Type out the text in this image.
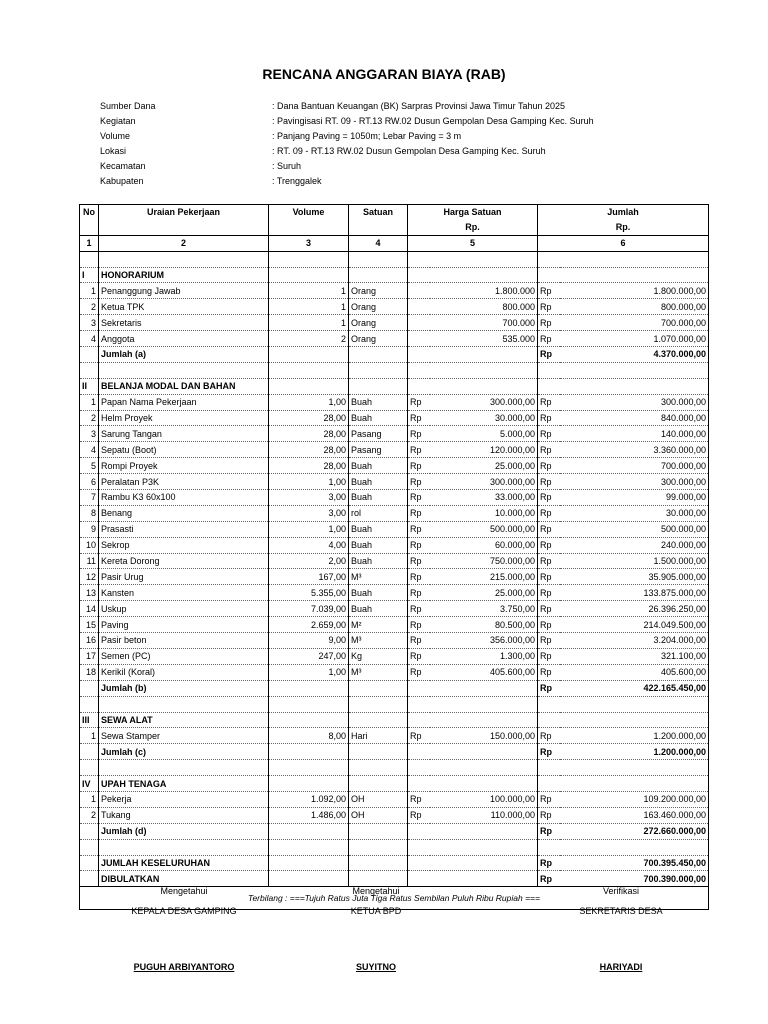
RENCANA ANGGARAN BIAYA (RAB)
Sumber Dana	: Dana Bantuan Keuangan (BK) Sarpras Provinsi Jawa Timur Tahun 2025
Kegiatan	: Pavingisasi RT. 09 - RT.13 RW.02 Dusun Gempolan Desa Gamping Kec. Suruh
Volume	: Panjang Paving = 1050m; Lebar Paving = 3 m
Lokasi	: RT. 09 - RT.13 RW.02 Dusun Gempolan Desa Gamping Kec. Suruh
Kecamatan	: Suruh
Kabupaten	: Trenggalek
No	Uraian Pekerjaan	Volume	Satuan	Harga Satuan		Jumlah	
				Rp.		Rp.	
1	2	3	4	5		6	

I	HONORARIUM						
1	Penanggung Jawab	1	Orang		1.800.000	Rp	1.800.000,00
2	Ketua TPK	1	Orang		800.000	Rp	800.000,00
3	Sekretaris	1	Orang		700.000	Rp	700.000,00
4	Anggota	2	Orang		535.000	Rp	1.070.000,00
	Jumlah (a)					Rp	4.370.000,00

II	BELANJA MODAL DAN BAHAN						
1	Papan Nama Pekerjaan	1,00	Buah	Rp	300.000,00	Rp	300.000,00
2	Helm Proyek	28,00	Buah	Rp	30.000,00	Rp	840.000,00
3	Sarung Tangan	28,00	Pasang	Rp	5.000,00	Rp	140.000,00
4	Sepatu (Boot)	28,00	Pasang	Rp	120.000,00	Rp	3.360.000,00
5	Rompi Proyek	28,00	Buah	Rp	25.000,00	Rp	700.000,00
6	Peralatan P3K	1,00	Buah	Rp	300.000,00	Rp	300.000,00
7	Rambu K3 60x100	3,00	Buah	Rp	33.000,00	Rp	99.000,00
8	Benang	3,00	rol	Rp	10.000,00	Rp	30.000,00
9	Prasasti	1,00	Buah	Rp	500.000,00	Rp	500.000,00
10	Sekrop	4,00	Buah	Rp	60.000,00	Rp	240.000,00
11	Kereta Dorong	2,00	Buah	Rp	750.000,00	Rp	1.500.000,00
12	Pasir Urug	167,00	M³	Rp	215.000,00	Rp	35.905.000,00
13	Kansten	5.355,00	Buah	Rp	25.000,00	Rp	133.875.000,00
14	Uskup	7.039,00	Buah	Rp	3.750,00	Rp	26.396.250,00
15	Paving	2.659,00	M²	Rp	80.500,00	Rp	214.049.500,00
16	Pasir beton	9,00	M³	Rp	356.000,00	Rp	3.204.000,00
17	Semen (PC)	247,00	Kg	Rp	1.300,00	Rp	321.100,00
18	Kerikil (Koral)	1,00	M³	Rp	405.600,00	Rp	405.600,00
	Jumlah (b)					Rp	422.165.450,00

III	SEWA ALAT						
1	Sewa Stamper	8,00	Hari	Rp	150.000,00	Rp	1.200.000,00
	Jumlah (c)					Rp	1.200.000,00

IV	UPAH TENAGA						
1	Pekerja	1.092,00	OH	Rp	100.000,00	Rp	109.200.000,00
2	Tukang	1.486,00	OH	Rp	110.000,00	Rp	163.460.000,00
	Jumlah (d)					Rp	272.660.000,00

	JUMLAH KESELURUHAN					Rp	700.395.450,00
	DIBULATKAN					Rp	700.390.000,00
Terbilang : ===Tujuh Ratus Juta Tiga Ratus Sembilan Puluh Ribu Rupiah ===							
Mengetahui
KEPALA DESA GAMPING
PUGUH ARBIYANTORO
Mengetahui
KETUA BPD
SUYITNO
Verifikasi
SEKRETARIS DESA
HARIYADI
